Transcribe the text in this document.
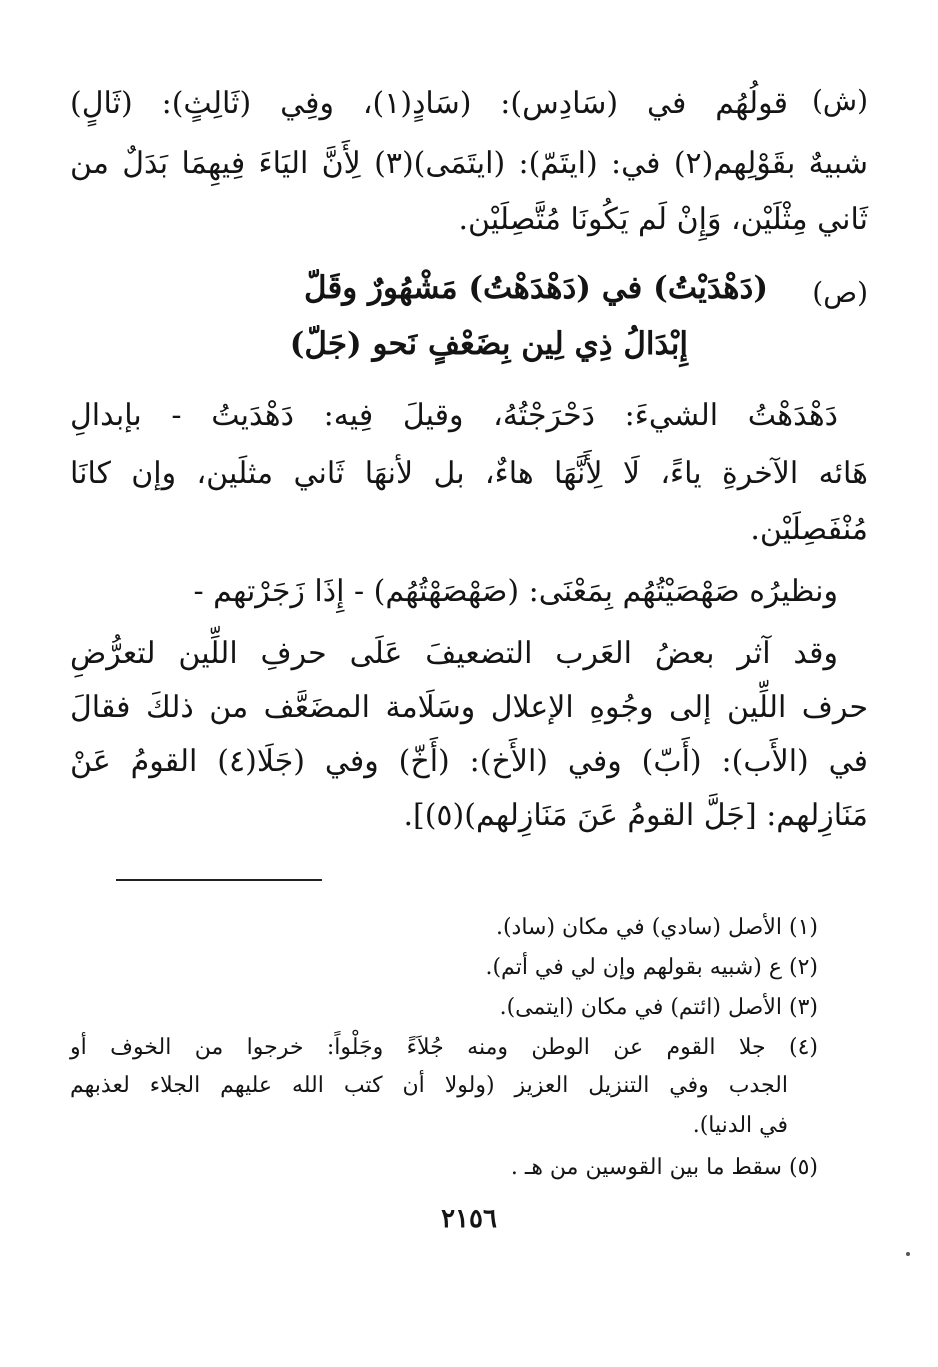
(ش)
قولُهُم في (سَادِس): (سَادٍ(١)، وفِي (ثَالِثٍ): (ثَالٍ)
شبيهٌ بقَوْلِهم(٢) في: (ايتَمّ): (ايتَمَى)(٣) لِأَنَّ اليَاءَ فِيهِمَا بَدَلٌ من
ثَاني مِثْلَيْن، وَإِنْ لَم يَكُونَا مُتَّصِلَيْن.
(ص)
(دَهْدَيْتُ) في (دَهْدَهْتُ) مَشْهُورٌ وقَلّ
إِبْدَالُ ذِي لِين بِضَعْفٍ نَحو (جَلّ)
دَهْدَهْتُ الشيءَ: دَحْرَجْتُهُ، وقيلَ فِيه: دَهْدَيتُ - بإبدالِ
هَائه الآخرةِ ياءً، لَا لِأَنَّهَا هاءٌ، بل لأنهَا ثَاني مثلَين، وإن كانَا
مُنْفَصِلَيْن.
ونظيرُه صَهْصَيْتُهُم بِمَعْنَى: (صَهْصَهْتُهُم) - إِذَا زَجَرْتهم -
وقد آثر بعضُ العَرب التضعيفَ عَلَى حرفِ اللِّين لتعرُّضِ
حرف اللِّين إلى وجُوهِ الإعلال وسَلَامة المضَعَّف من ذلكَ فقالَ
في (الأَب): (أَبّ) وفي (الأَخ): (أَخّ) وفي (جَلَا(٤) القومُ عَنْ
مَنَازِلهم: [جَلَّ القومُ عَنَ مَنَازِلهم)(٥)].
(١) الأصل (سادي) في مكان (ساد).
(٢) ع (شبيه بقولهم وإن لي في أتم).
(٣) الأصل (ائتم) في مكان (ايتمى).
(٤) جلا القوم عن الوطن ومنه جُلاَءً وجَلْواً: خرجوا من الخوف أو
الجدب وفي التنزيل العزيز (ولولا أن كتب الله عليهم الجلاء لعذبهم
في الدنيا).
(٥) سقط ما بين القوسين من هـ .
٢١٥٦
